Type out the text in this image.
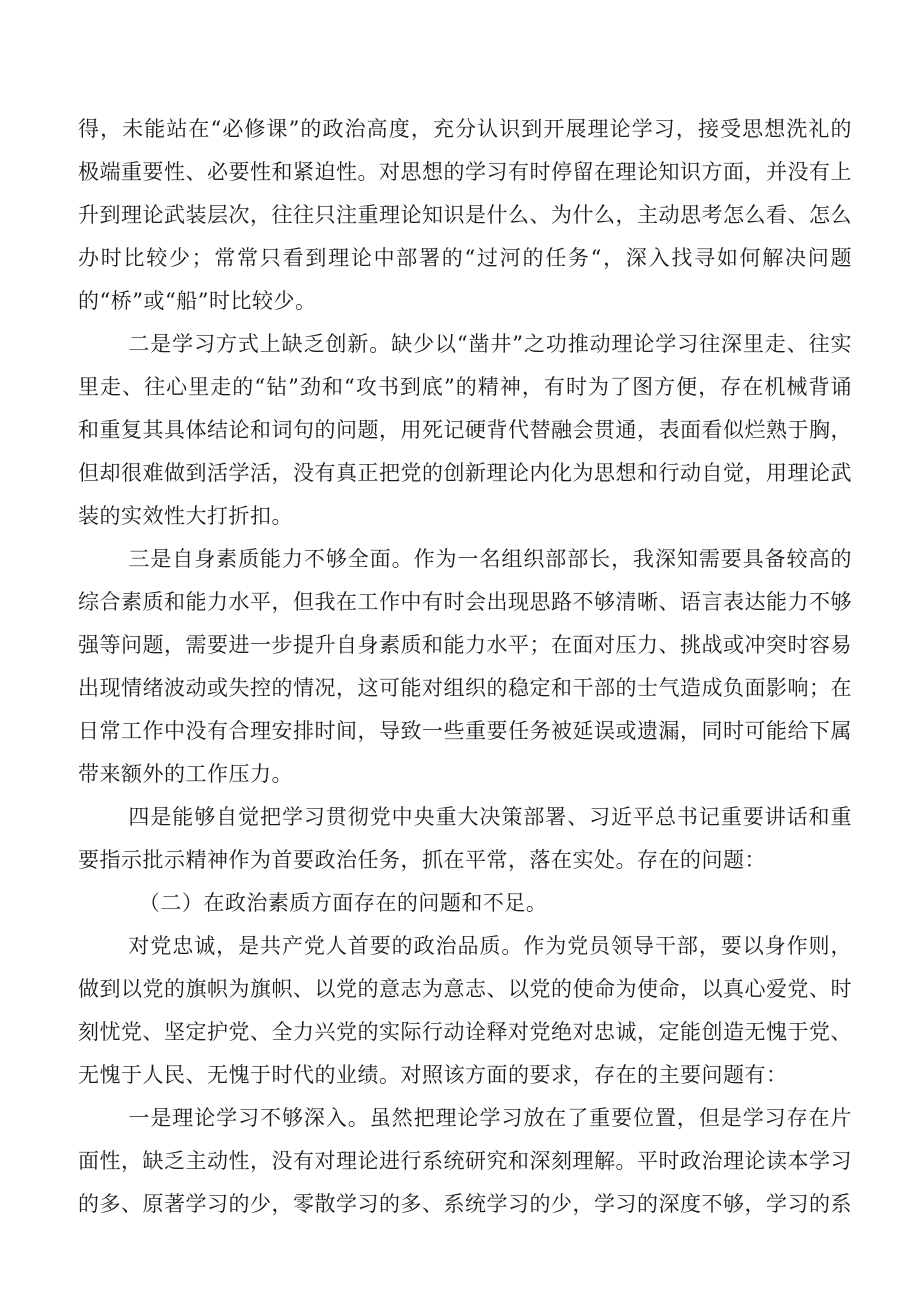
得，未能站在“必修课”的政治高度，充分认识到开展理论学习，接受思想洗礼的极端重要性、必要性和紧迫性。对思想的学习有时停留在理论知识方面，并没有上升到理论武装层次，往往只注重理论知识是什么、为什么，主动思考怎么看、怎么办时比较少；常常只看到理论中部署的“过河的任务“，深入找寻如何解决问题的“桥”或“船”时比较少。

二是学习方式上缺乏创新。缺少以“凿井”之功推动理论学习往深里走、往实里走、往心里走的“钻”劲和“攻书到底”的精神，有时为了图方便，存在机械背诵和重复其具体结论和词句的问题，用死记硬背代替融会贯通，表面看似烂熟于胸，但却很难做到活学活，没有真正把党的创新理论内化为思想和行动自觉，用理论武装的实效性大打折扣。

三是自身素质能力不够全面。作为一名组织部部长，我深知需要具备较高的综合素质和能力水平，但我在工作中有时会出现思路不够清晰、语言表达能力不够强等问题，需要进一步提升自身素质和能力水平；在面对压力、挑战或冲突时容易出现情绪波动或失控的情况，这可能对组织的稳定和干部的士气造成负面影响；在日常工作中没有合理安排时间，导致一些重要任务被延误或遗漏，同时可能给下属带来额外的工作压力。

四是能够自觉把学习贯彻党中央重大决策部署、习近平总书记重要讲话和重要指示批示精神作为首要政治任务，抓在平常，落在实处。存在的问题：

（二）在政治素质方面存在的问题和不足。

对党忠诚，是共产党人首要的政治品质。作为党员领导干部，要以身作则，做到以党的旗帜为旗帜、以党的意志为意志、以党的使命为使命，以真心爱党、时刻忧党、坚定护党、全力兴党的实际行动诠释对党绝对忠诚，定能创造无愧于党、无愧于人民、无愧于时代的业绩。对照该方面的要求，存在的主要问题有：

一是理论学习不够深入。虽然把理论学习放在了重要位置，但是学习存在片面性，缺乏主动性，没有对理论进行系统研究和深刻理解。平时政治理论读本学习的多、原著学习的少，零散学习的多、系统学习的少，学习的深度不够，学习的系
